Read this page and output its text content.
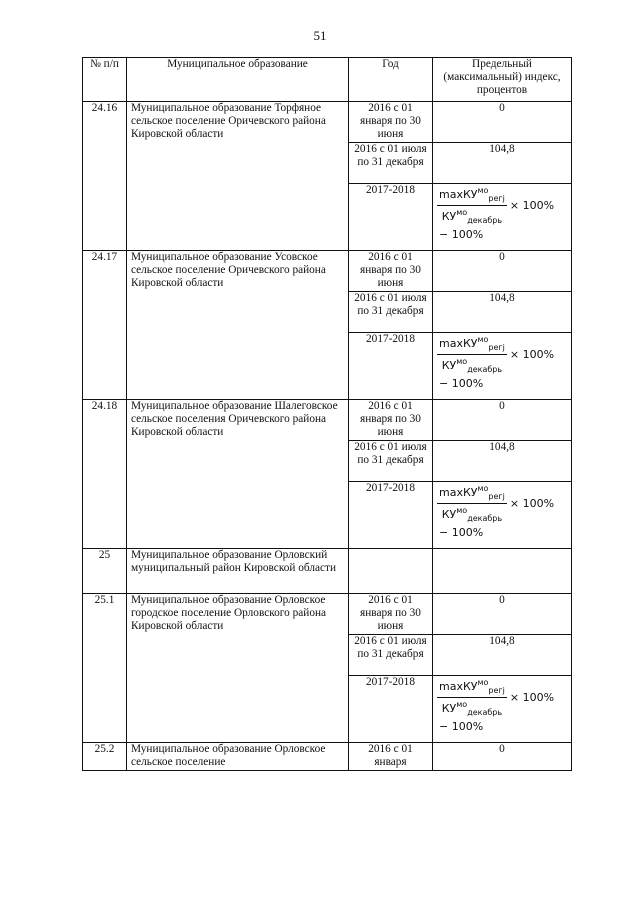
51
№ п/п	Муниципальное образование	Год	Предельный (максимальный) индекс, процентов
24.16	Муниципальное образование Торфяное сельское поселение Оричевского района Кировской области	2016 с 01 января по 30 июня	0
		2016 с 01 июля по 31 декабря	104,8
		2017-2018	$\frac{\max КУ^{мо}_{регj}}{КУ^{мо}_{декабрь}} \times 100\%$
− 100%

24.17	Муниципальное образование Усовское сельское поселение Оричевского района Кировской области	2016 с 01 января по 30 июня	0
		2016 с 01 июля по 31 декабря	104,8
		2017-2018	$\frac{\max КУ^{мо}_{регj}}{КУ^{мо}_{декабрь}} \times 100\%$
− 100%

24.18	Муниципальное образование Шалеговское сельское поселения Оричевского района Кировской области	2016 с 01 января по 30 июня	0
		2016 с 01 июля по 31 декабря	104,8
		2017-2018	$\frac{\max КУ^{мо}_{регj}}{КУ^{мо}_{декабрь}} \times 100\%$
− 100%

25	Муниципальное образование Орловский муниципальный район Кировской области		
25.1	Муниципальное образование Орловское городское поселение Орловского района Кировской области	2016 с 01 января по 30 июня	0
		2016 с 01 июля по 31 декабря	104,8
		2017-2018	$\frac{\max КУ^{мо}_{регj}}{КУ^{мо}_{декабрь}} \times 100\%$
− 100%

25.2	Муниципальное образование Орловское сельское поселение	2016 с 01 января	0
